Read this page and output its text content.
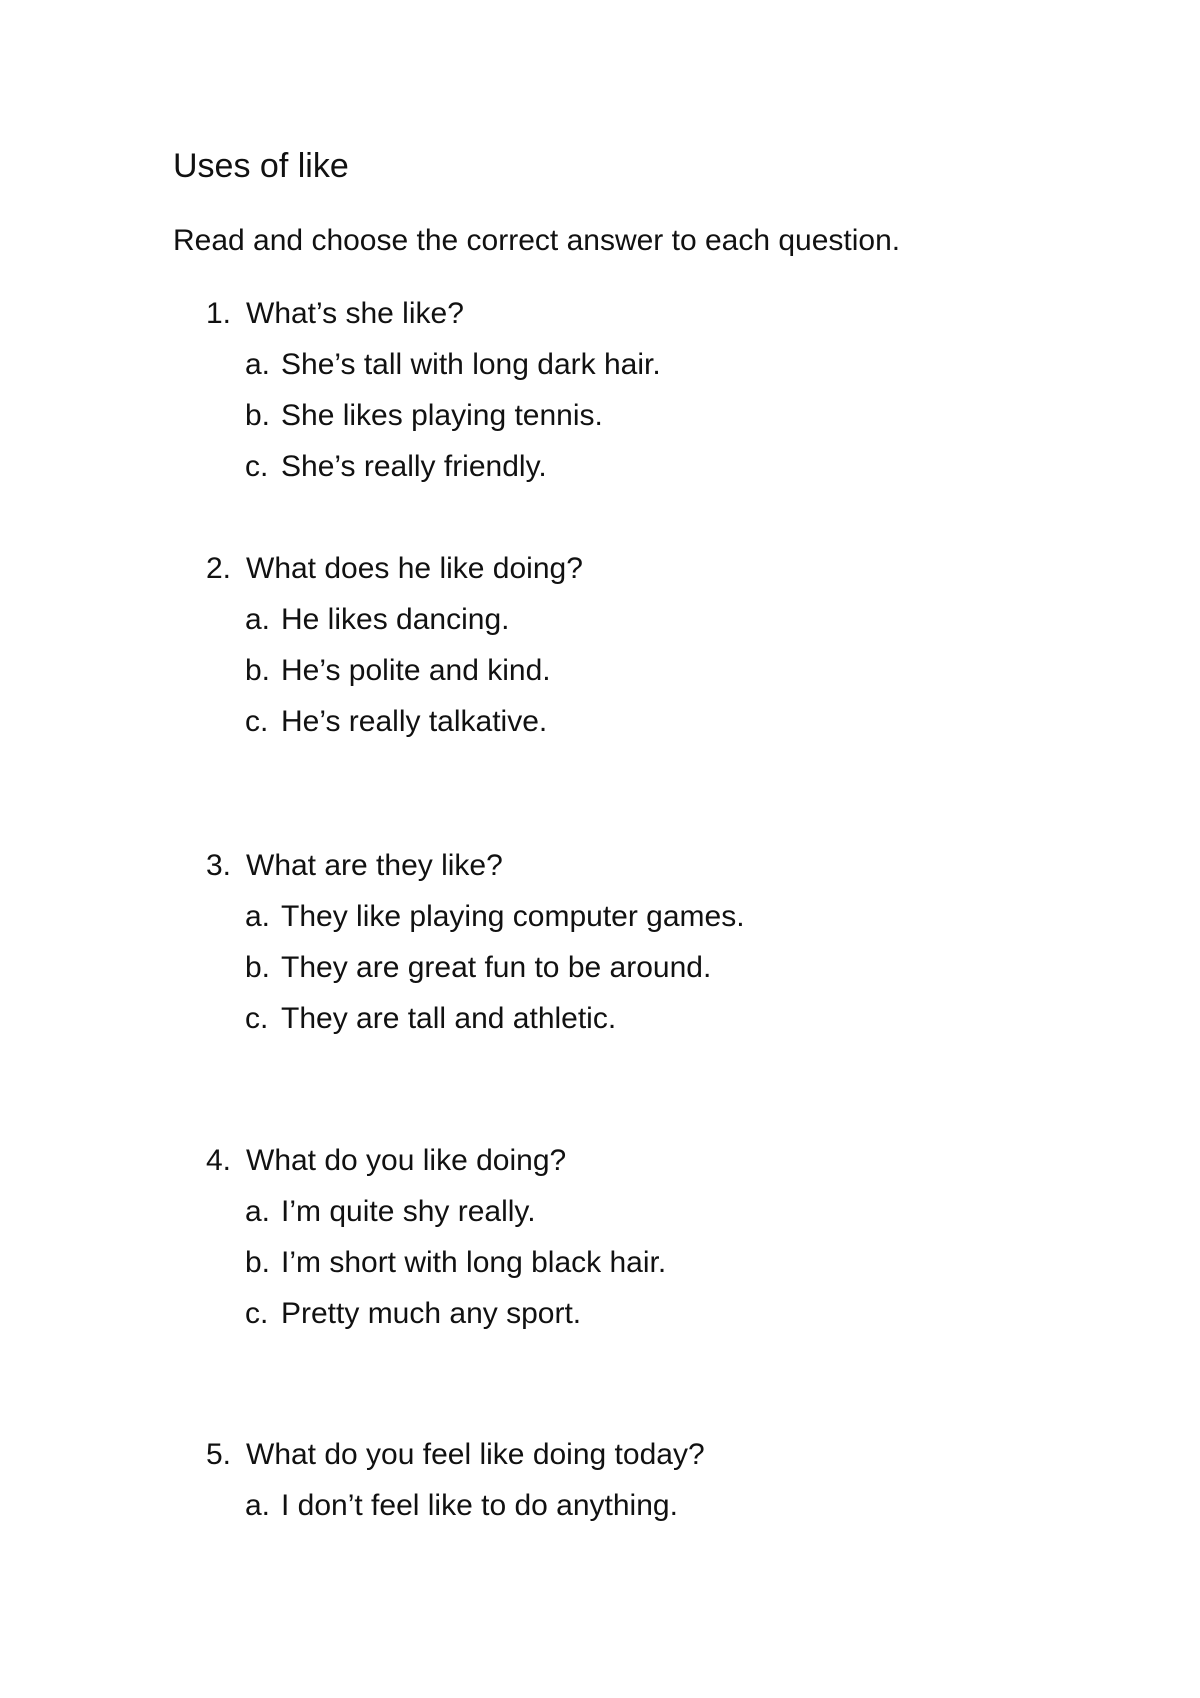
Uses of like
Read and choose the correct answer to each question.
1. What’s she like?
a. She’s tall with long dark hair.
b. She likes playing tennis.
c. She’s really friendly.
2. What does he like doing?
a. He likes dancing.
b. He’s polite and kind.
c. He’s really talkative.
3. What are they like?
a. They like playing computer games.
b. They are great fun to be around.
c. They are tall and athletic.
4. What do you like doing?
a. I’m quite shy really.
b. I’m short with long black hair.
c. Pretty much any sport.
5. What do you feel like doing today?
a. I don’t feel like to do anything.
